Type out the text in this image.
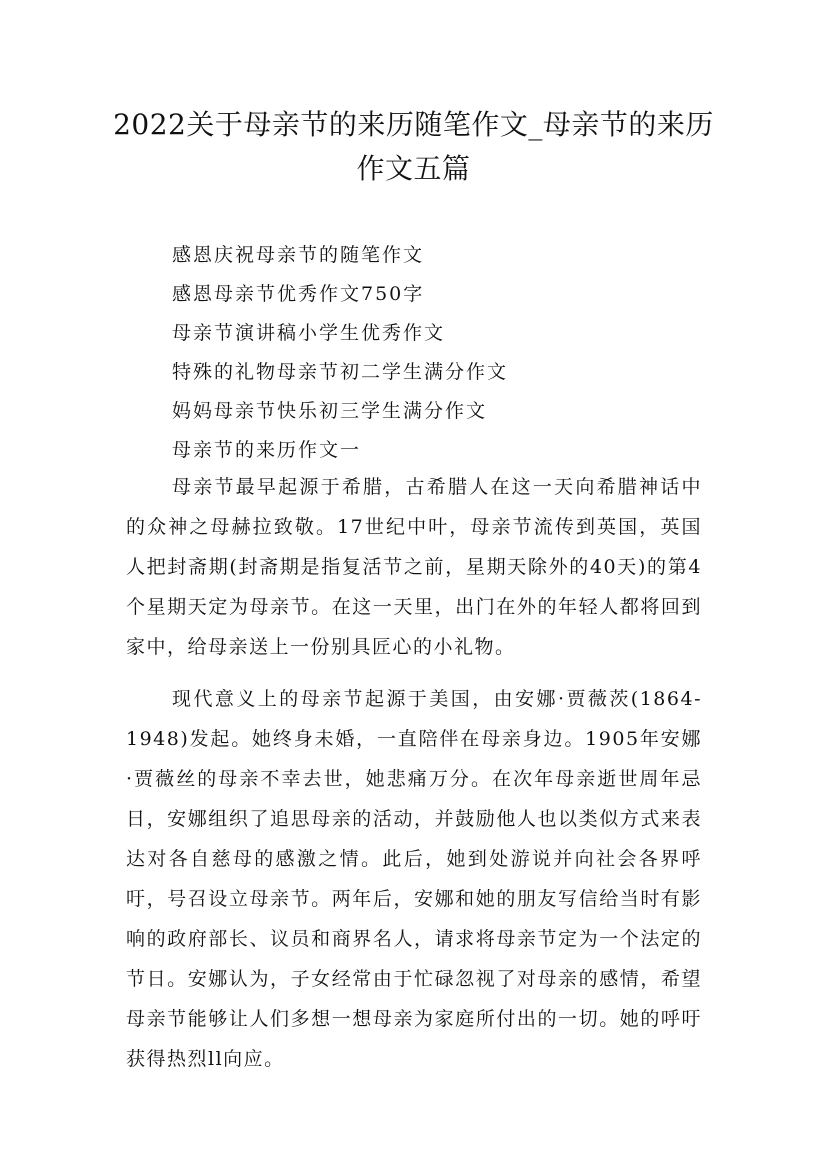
2022关于母亲节的来历随笔作文_母亲节的来历作文五篇
感恩庆祝母亲节的随笔作文
感恩母亲节优秀作文750字
母亲节演讲稿小学生优秀作文
特殊的礼物母亲节初二学生满分作文
妈妈母亲节快乐初三学生满分作文
母亲节的来历作文一

母亲节最早起源于希腊，古希腊人在这一天向希腊神话中的众神之母赫拉致敬。17世纪中叶，母亲节流传到英国，英国人把封斋期(封斋期是指复活节之前，星期天除外的40天)的第4个星期天定为母亲节。在这一天里，出门在外的年轻人都将回到家中，给母亲送上一份别具匠心的小礼物。

现代意义上的母亲节起源于美国，由安娜·贾薇茨(1864-1948)发起。她终身未婚，一直陪伴在母亲身边。1905年安娜·贾薇丝的母亲不幸去世，她悲痛万分。在次年母亲逝世周年忌日，安娜组织了追思母亲的活动，并鼓励他人也以类似方式来表达对各自慈母的感激之情。此后，她到处游说并向社会各界呼吁，号召设立母亲节。两年后，安娜和她的朋友写信给当时有影响的政府部长、议员和商界名人，请求将母亲节定为一个法定的节日。安娜认为，子女经常由于忙碌忽视了对母亲的感情，希望母亲节能够让人们多想一想母亲为家庭所付出的一切。她的呼吁获得热烈ll向应。
